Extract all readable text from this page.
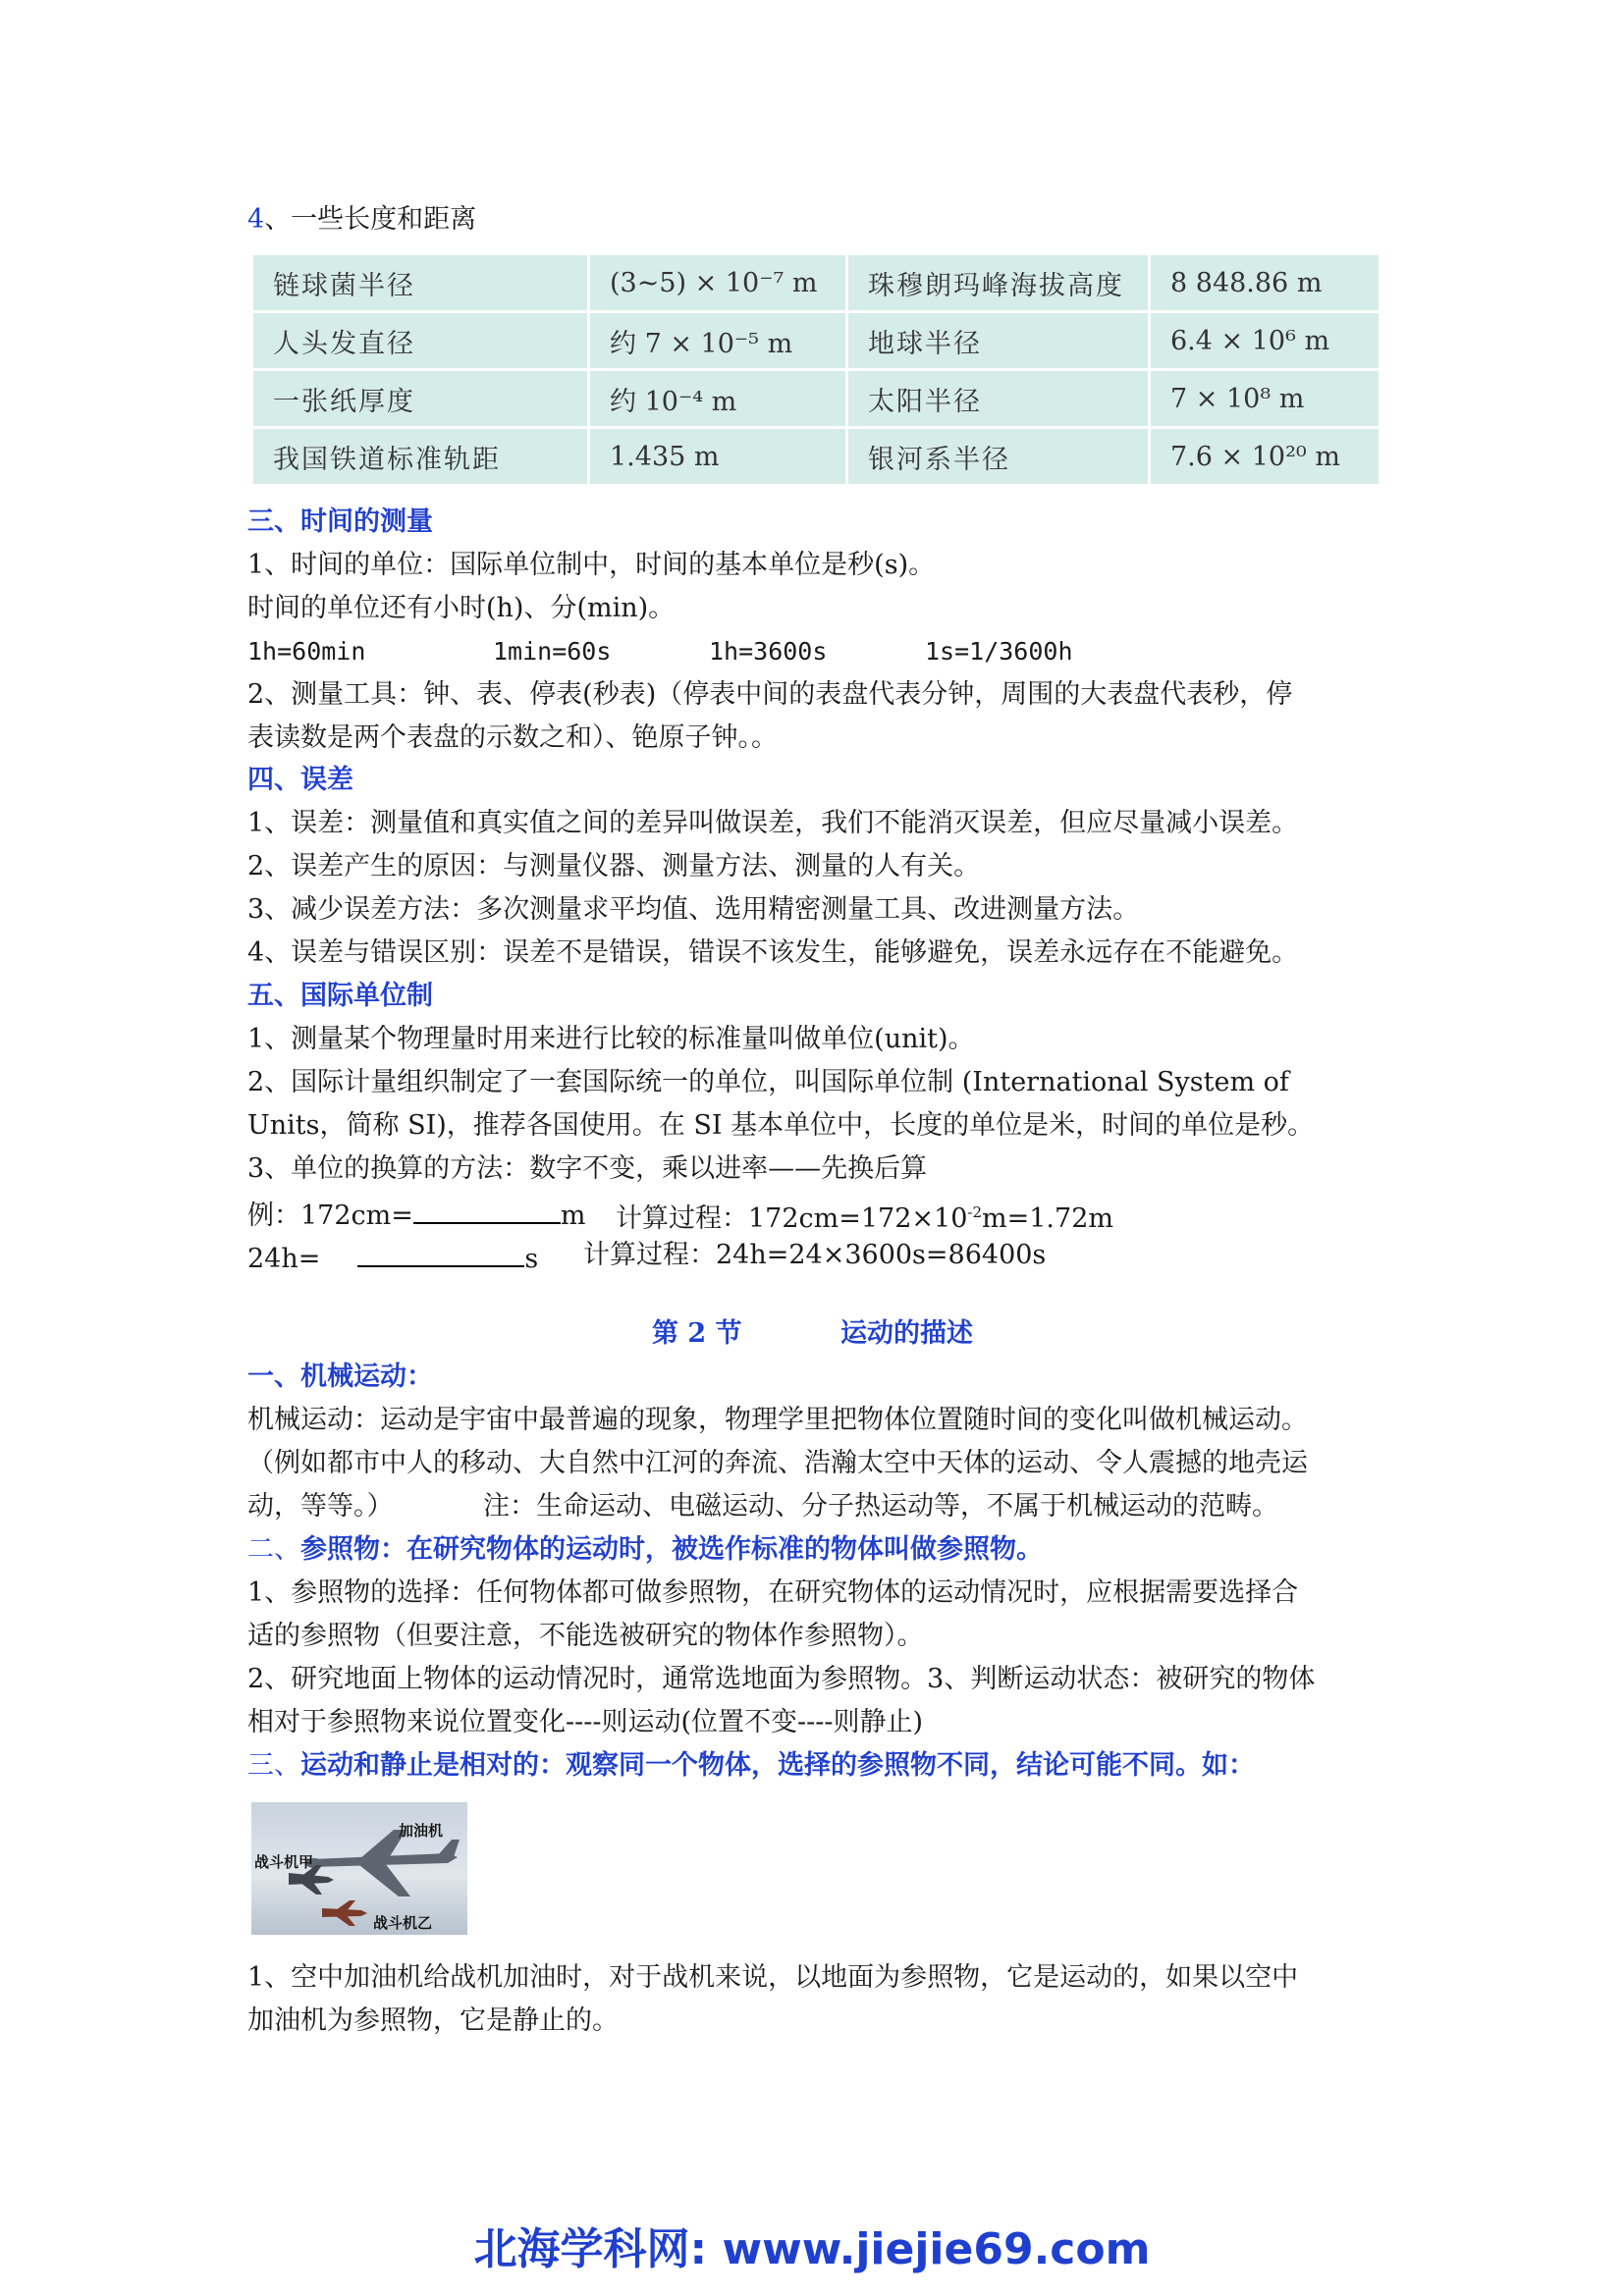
4、一些长度和距离
链球菌半径	(3~5) × 10⁻⁷ m	珠穆朗玛峰海拔高度	8 848.86 m
人头发直径	约 7 × 10⁻⁵ m	地球半径	6.4 × 10⁶ m
一张纸厚度	约 10⁻⁴ m	太阳半径	7 × 10⁸ m
我国铁道标准轨距	1.435 m	银河系半径	7.6 × 10²⁰ m
三、时间的测量
1、时间的单位：国际单位制中，时间的基本单位是秒(s)。
时间的单位还有小时(h)、分(min)。
1h=60min	1min=60s	1h=3600s	1s=1/3600h
2、测量工具：钟、表、停表(秒表)（停表中间的表盘代表分钟，周围的大表盘代表秒，停
表读数是两个表盘的示数之和）、铯原子钟。。
四、误差
1、误差：测量值和真实值之间的差异叫做误差，我们不能消灭误差，但应尽量减小误差。
2、误差产生的原因：与测量仪器、测量方法、测量的人有关。
3、减少误差方法：多次测量求平均值、选用精密测量工具、改进测量方法。
4、误差与错误区别：误差不是错误，错误不该发生，能够避免，误差永远存在不能避免。
五、国际单位制
1、测量某个物理量时用来进行比较的标准量叫做单位(unit)。
2、国际计量组织制定了一套国际统一的单位，叫国际单位制 (International System of
Units，简称 SI)，推荐各国使用。在 SI 基本单位中，长度的单位是米，时间的单位是秒。
3、单位的换算的方法：数字不变，乘以进率——先换后算
例：172cm=	m 计算过程：$172cm=172\times 10^{-2}m=1.72m$
24h=	s 计算过程：24h=24×3600s=86400s
第 2 节	运动的描述
一、机械运动：
机械运动：运动是宇宙中最普遍的现象，物理学里把物体位置随时间的变化叫做机械运动。
（例如都市中人的移动、大自然中江河的奔流、浩瀚太空中天体的运动、令人震撼的地壳运
动，等等。）	注：生命运动、电磁运动、分子热运动等，不属于机械运动的范畴。
二、参照物：在研究物体的运动时，被选作标准的物体叫做参照物。
1、参照物的选择：任何物体都可做参照物，在研究物体的运动情况时，应根据需要选择合
适的参照物（但要注意，不能选被研究的物体作参照物）。
2、研究地面上物体的运动情况时，通常选地面为参照物。3、判断运动状态：被研究的物体
相对于参照物来说位置变化----则运动(位置不变----则静止)
三、运动和静止是相对的：观察同一个物体，选择的参照物不同，结论可能不同。如：
加油机
战斗机甲
战斗机乙
1、空中加油机给战机加油时，对于战机来说，以地面为参照物，它是运动的，如果以空中
加油机为参照物，它是静止的。
北海学科网: www.jiejie69.com
